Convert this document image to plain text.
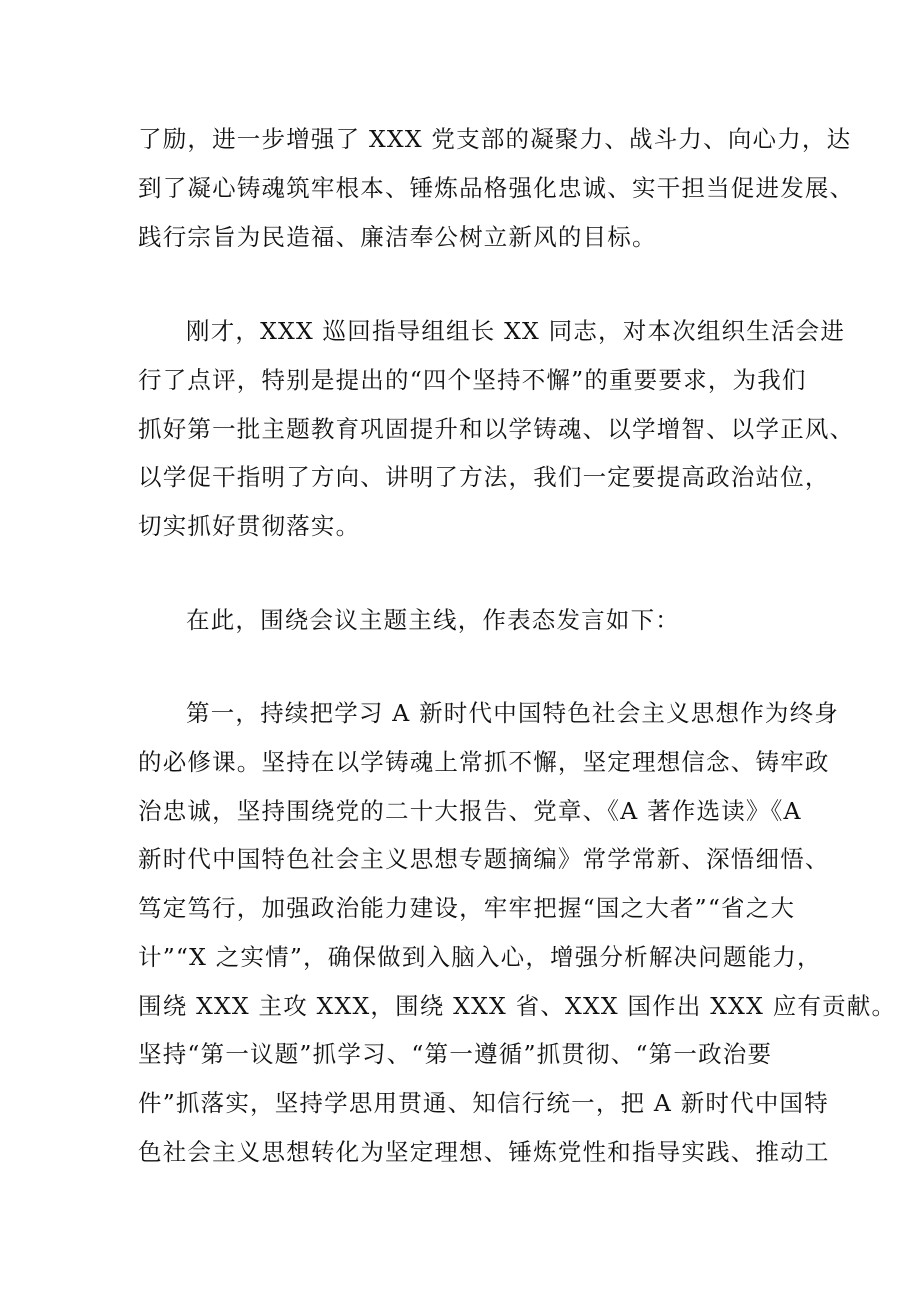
了励，进一步增强了 XXX 党支部的凝聚力、战斗力、向心力，达
到了凝心铸魂筑牢根本、锤炼品格强化忠诚、实干担当促进发展、
践行宗旨为民造福、廉洁奉公树立新风的目标。
刚才，XXX 巡回指导组组长 XX 同志，对本次组织生活会进
行了点评，特别是提出的“四个坚持不懈”的重要要求，为我们
抓好第一批主题教育巩固提升和以学铸魂、以学增智、以学正风、
以学促干指明了方向、讲明了方法，我们一定要提高政治站位，
切实抓好贯彻落实。
在此，围绕会议主题主线，作表态发言如下：
第一，持续把学习 A 新时代中国特色社会主义思想作为终身
的必修课。坚持在以学铸魂上常抓不懈，坚定理想信念、铸牢政
治忠诚，坚持围绕党的二十大报告、党章、《A 著作选读》《A
新时代中国特色社会主义思想专题摘编》常学常新、深悟细悟、
笃定笃行，加强政治能力建设，牢牢把握“国之大者”“省之大
计”“X 之实情”，确保做到入脑入心，增强分析解决问题能力，
围绕 XXX 主攻 XXX，围绕 XXX 省、XXX 国作出 XXX 应有贡献。
坚持“第一议题”抓学习、“第一遵循”抓贯彻、“第一政治要
件”抓落实，坚持学思用贯通、知信行统一，把 A 新时代中国特
色社会主义思想转化为坚定理想、锤炼党性和指导实践、推动工
